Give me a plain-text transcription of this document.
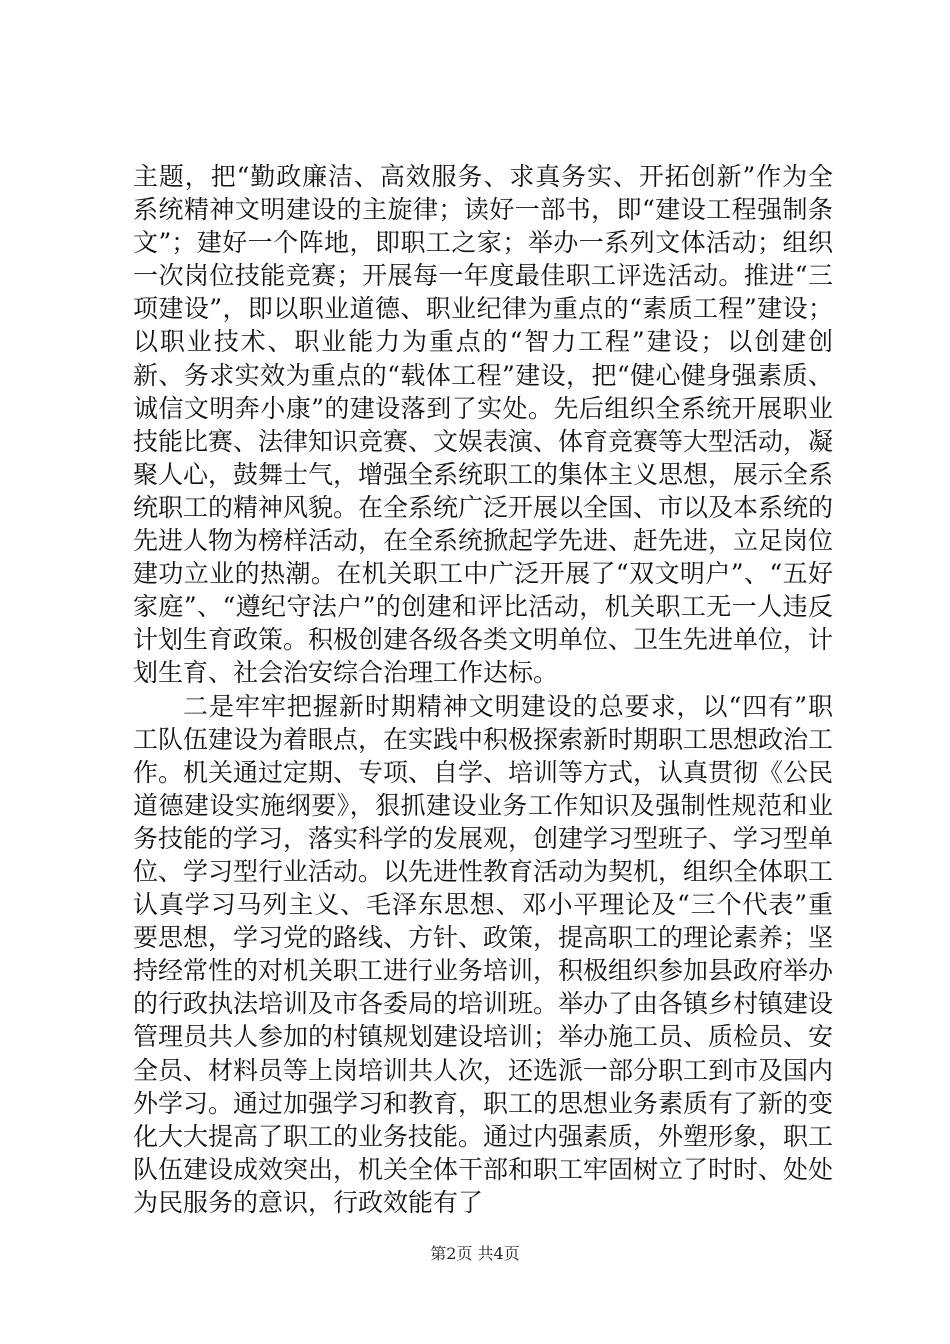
主题，把“勤政廉洁、高效服务、求真务实、开拓创新”作为全系统精神文明建设的主旋律；读好一部书，即“建设工程强制条文”；建好一个阵地，即职工之家；举办一系列文体活动；组织一次岗位技能竞赛；开展每一年度最佳职工评选活动。推进“三项建设”，即以职业道德、职业纪律为重点的“素质工程”建设；以职业技术、职业能力为重点的“智力工程”建设；以创建创新、务求实效为重点的“载体工程”建设，把“健心健身强素质、诚信文明奔小康”的建设落到了实处。先后组织全系统开展职业技能比赛、法律知识竞赛、文娱表演、体育竞赛等大型活动，凝聚人心，鼓舞士气，增强全系统职工的集体主义思想，展示全系统职工的精神风貌。在全系统广泛开展以全国、市以及本系统的先进人物为榜样活动，在全系统掀起学先进、赶先进，立足岗位建功立业的热潮。在机关职工中广泛开展了“双文明户”、“五好家庭”、“遵纪守法户”的创建和评比活动，机关职工无一人违反计划生育政策。积极创建各级各类文明单位、卫生先进单位，计划生育、社会治安综合治理工作达标。

二是牢牢把握新时期精神文明建设的总要求，以“四有”职工队伍建设为着眼点，在实践中积极探索新时期职工思想政治工作。机关通过定期、专项、自学、培训等方式，认真贯彻《公民道德建设实施纲要》，狠抓建设业务工作知识及强制性规范和业务技能的学习，落实科学的发展观，创建学习型班子、学习型单位、学习型行业活动。以先进性教育活动为契机，组织全体职工认真学习马列主义、毛泽东思想、邓小平理论及“三个代表”重要思想，学习党的路线、方针、政策，提高职工的理论素养；坚持经常性的对机关职工进行业务培训，积极组织参加县政府举办的行政执法培训及市各委局的培训班。举办了由各镇乡村镇建设管理员共人参加的村镇规划建设培训；举办施工员、质检员、安全员、材料员等上岗培训共人次，还选派一部分职工到市及国内外学习。通过加强学习和教育，职工的思想业务素质有了新的变化大大提高了职工的业务技能。通过内强素质，外塑形象，职工队伍建设成效突出，机关全体干部和职工牢固树立了时时、处处为民服务的意识，行政效能有了

第2页 共4页
